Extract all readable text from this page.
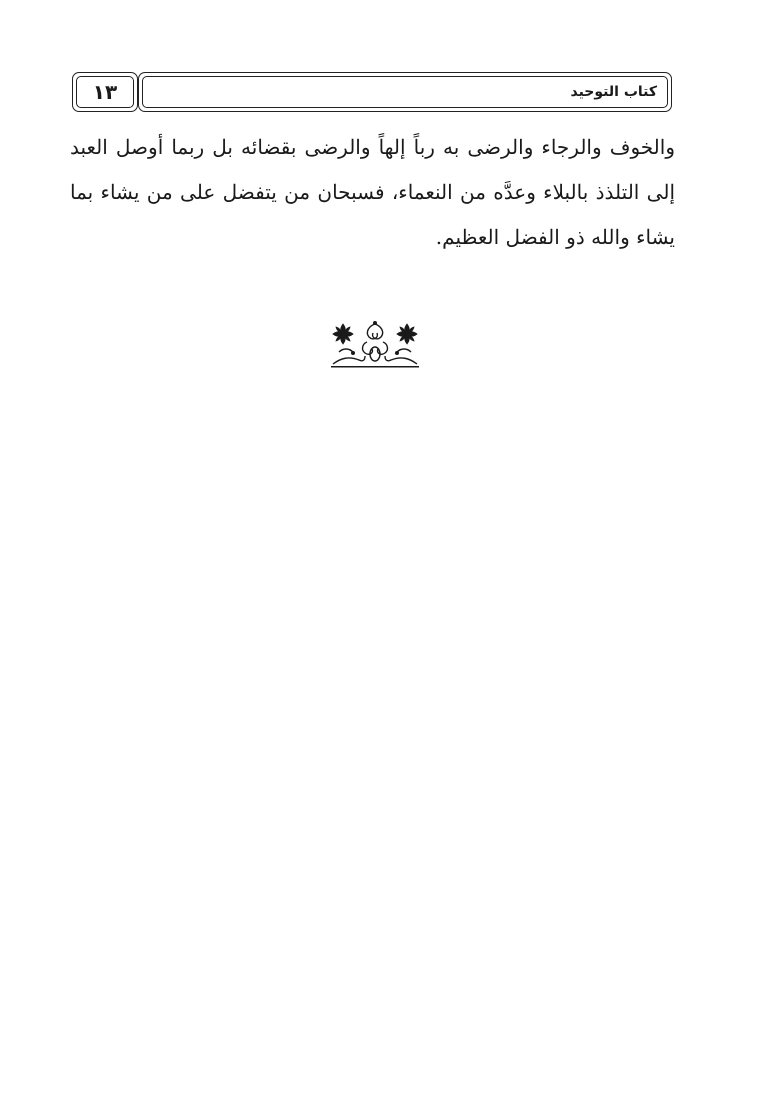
١٣	كتاب التوحيد

والخوف والرجاء والرضى به رباً إلهاً والرضى بقضائه بل ربما أوصل العبد إلى التلذذ بالبلاء وعدَّه من النعماء، فسبحان من يتفضل على من يشاء بما يشاء والله ذو الفضل العظيم.
